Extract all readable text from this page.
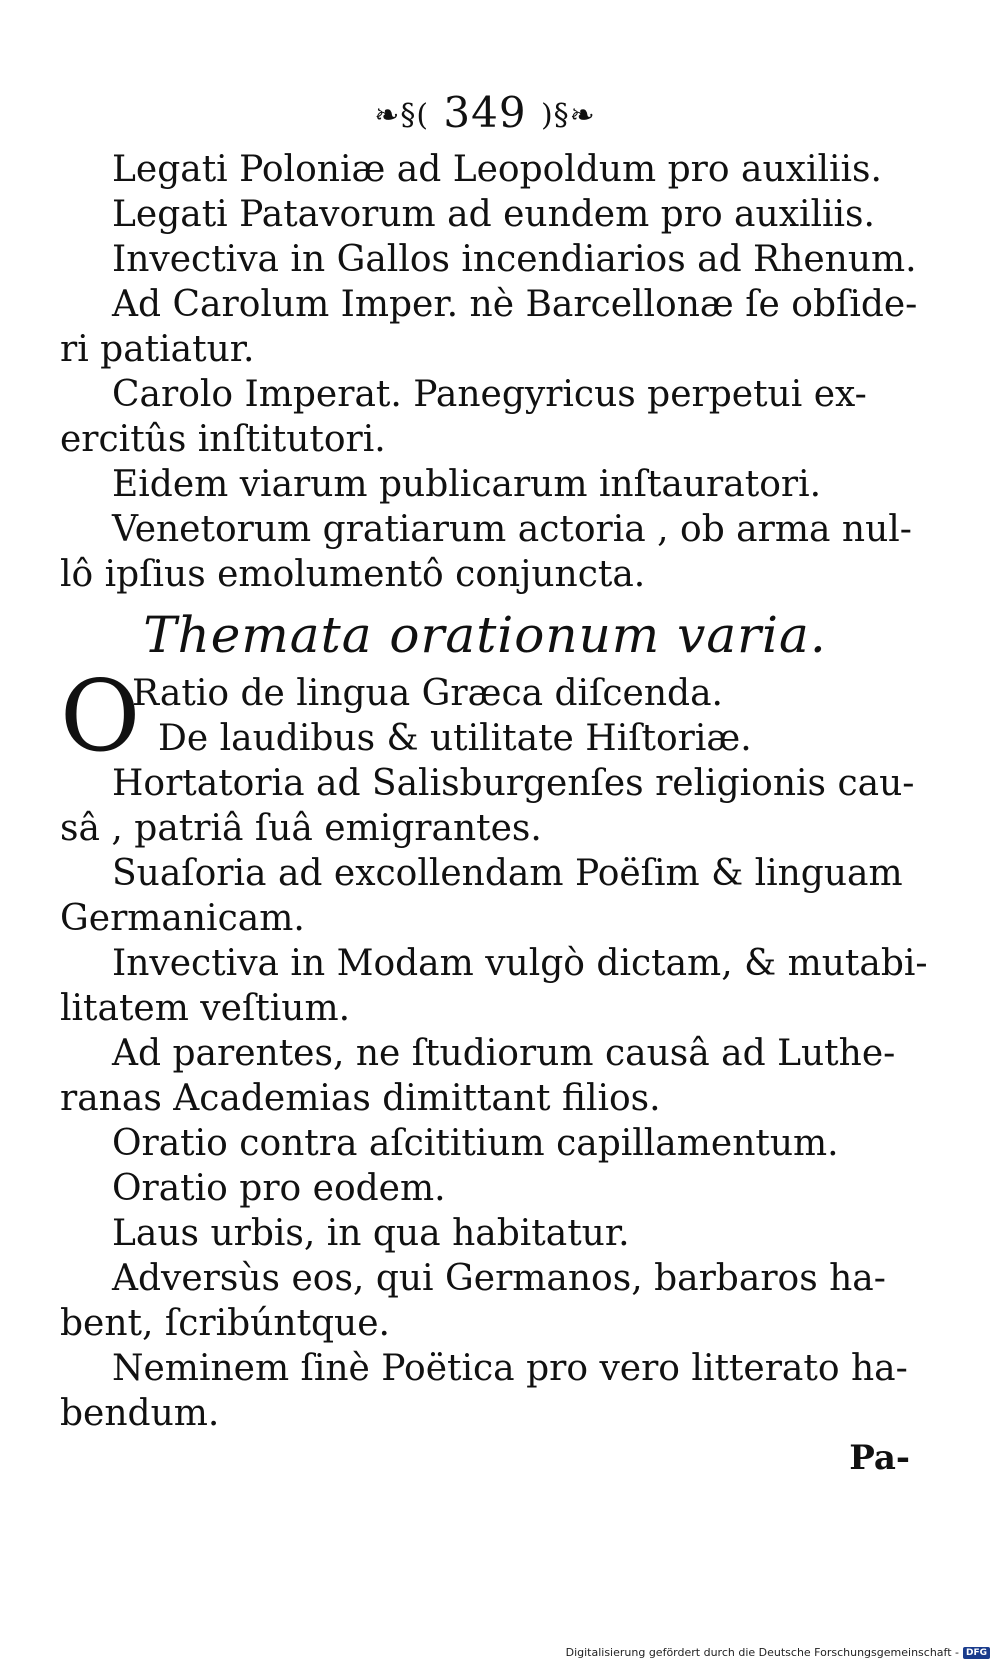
❧§( 349 )§❧
Legati Poloniæ ad Leopoldum pro auxiliis.
Legati Patavorum ad eundem pro auxiliis.
Invectiva in Gallos incendiarios ad Rhenum.
Ad Carolum Imper. nè Barcellonæ ſe obſide-
ri patiatur.
Carolo Imperat. Panegyricus perpetui ex-
ercitûs inſtitutori.
Eidem viarum publicarum inſtauratori.
Venetorum gratiarum actoria , ob arma nul-
lô ipſius emolumentô conjuncta.
Themata orationum varia.
O
Ratio de lingua Græca diſcenda.
De laudibus & utilitate Hiſtoriæ.
Hortatoria ad Salisburgenſes religionis cau-
sâ , patriâ ſuâ emigrantes.
Suaſoria ad excollendam Poëſim & linguam
Germanicam.
Invectiva in Modam vulgò dictam, & mutabi-
litatem veſtium.
Ad parentes, ne ſtudiorum causâ ad Luthe-
ranas Academias dimittant filios.
Oratio contra aſcititium capillamentum.
Oratio pro eodem.
Laus urbis, in qua habitatur.
Adversùs eos, qui Germanos, barbaros ha-
bent, ſcribúntque.
Neminem ſinè Poëtica pro vero litterato ha-
bendum.
Pa-
Digitalisierung gefördert durch die Deutsche Forschungsgemeinschaft - DFG
